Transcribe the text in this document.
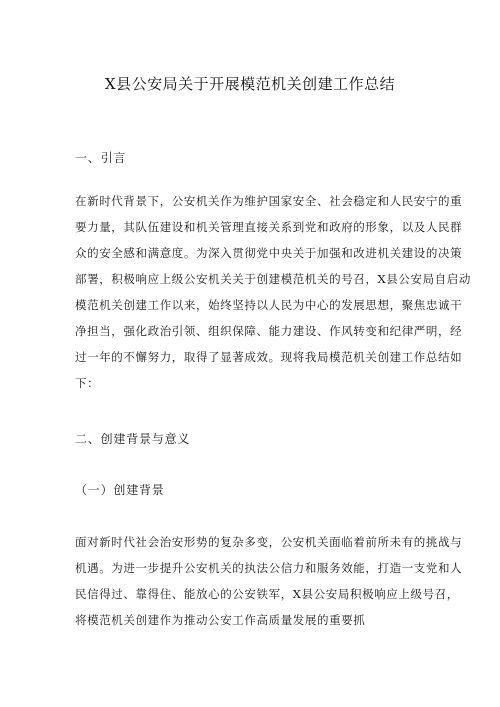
X县公安局关于开展模范机关创建工作总结
一、引言
在新时代背景下，公安机关作为维护国家安全、社会稳定和人民安宁的重
要力量，其队伍建设和机关管理直接关系到党和政府的形象，以及人民群
众的安全感和满意度。为深入贯彻党中央关于加强和改进机关建设的决策
部署，积极响应上级公安机关关于创建模范机关的号召，X县公安局自启动
模范机关创建工作以来，始终坚持以人民为中心的发展思想，聚焦忠诚干
净担当，强化政治引领、组织保障、能力建设、作风转变和纪律严明，经
过一年的不懈努力，取得了显著成效。现将我局模范机关创建工作总结如
下：
二、创建背景与意义
（一）创建背景
面对新时代社会治安形势的复杂多变，公安机关面临着前所未有的挑战与
机遇。为进一步提升公安机关的执法公信力和服务效能，打造一支党和人
民信得过、靠得住、能放心的公安铁军，X县公安局积极响应上级号召，
将模范机关创建作为推动公安工作高质量发展的重要抓
